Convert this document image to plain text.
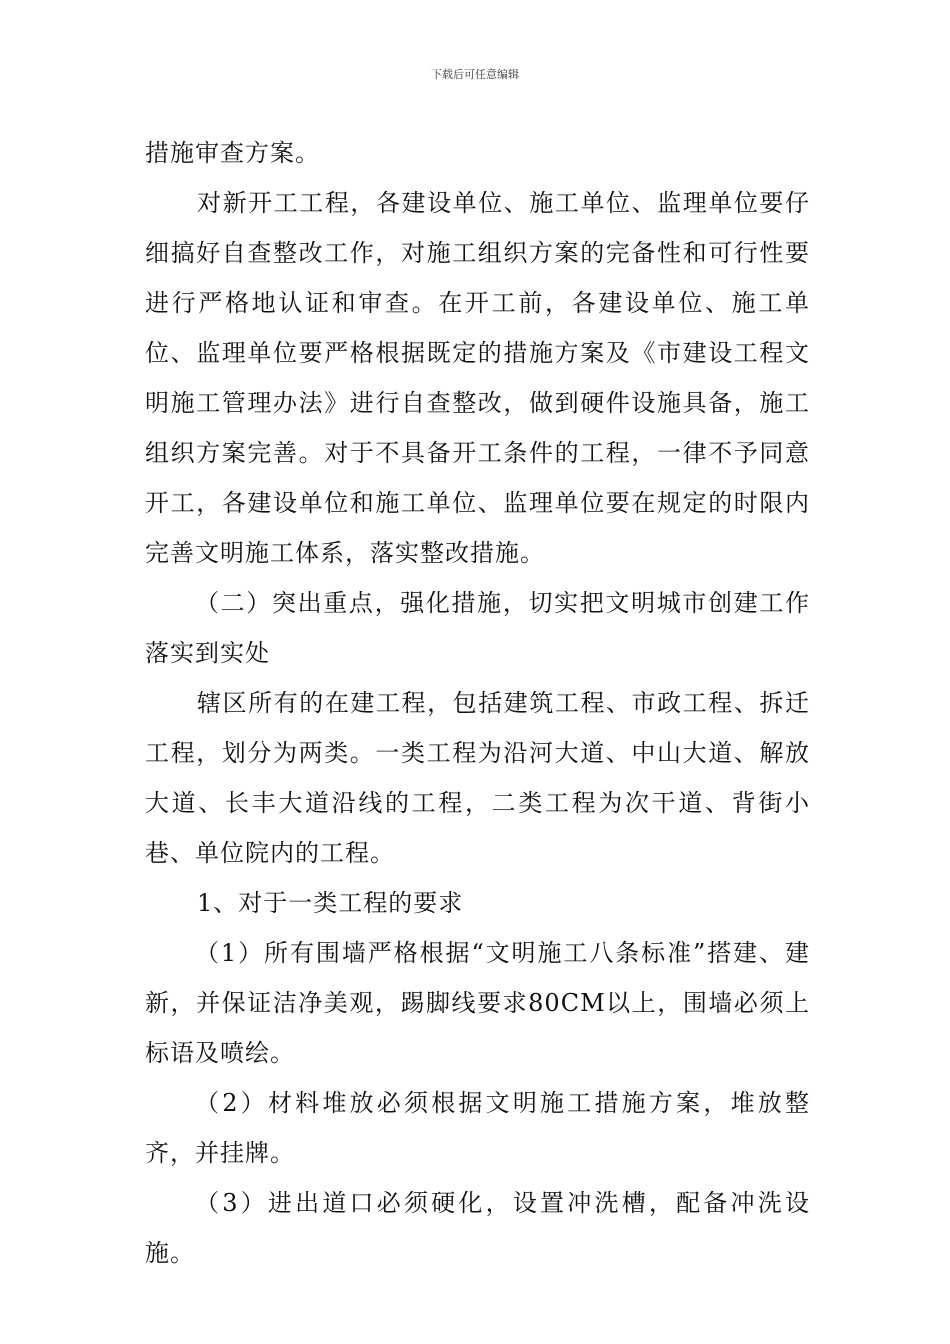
下载后可任意编辑

措施审查方案。

对新开工工程，各建设单位、施工单位、监理单位要仔细搞好自查整改工作，对施工组织方案的完备性和可行性要进行严格地认证和审查。在开工前，各建设单位、施工单位、监理单位要严格根据既定的措施方案及《市建设工程文明施工管理办法》进行自查整改，做到硬件设施具备，施工组织方案完善。对于不具备开工条件的工程，一律不予同意开工，各建设单位和施工单位、监理单位要在规定的时限内完善文明施工体系，落实整改措施。

（二）突出重点，强化措施，切实把文明城市创建工作落实到实处

辖区所有的在建工程，包括建筑工程、市政工程、拆迁工程，划分为两类。一类工程为沿河大道、中山大道、解放大道、长丰大道沿线的工程，二类工程为次干道、背街小巷、单位院内的工程。

1、对于一类工程的要求

（1）所有围墙严格根据“文明施工八条标准”搭建、建新，并保证洁净美观，踢脚线要求80CM以上，围墙必须上标语及喷绘。

（2）材料堆放必须根据文明施工措施方案，堆放整齐，并挂牌。

（3）进出道口必须硬化，设置冲洗槽，配备冲洗设施。
